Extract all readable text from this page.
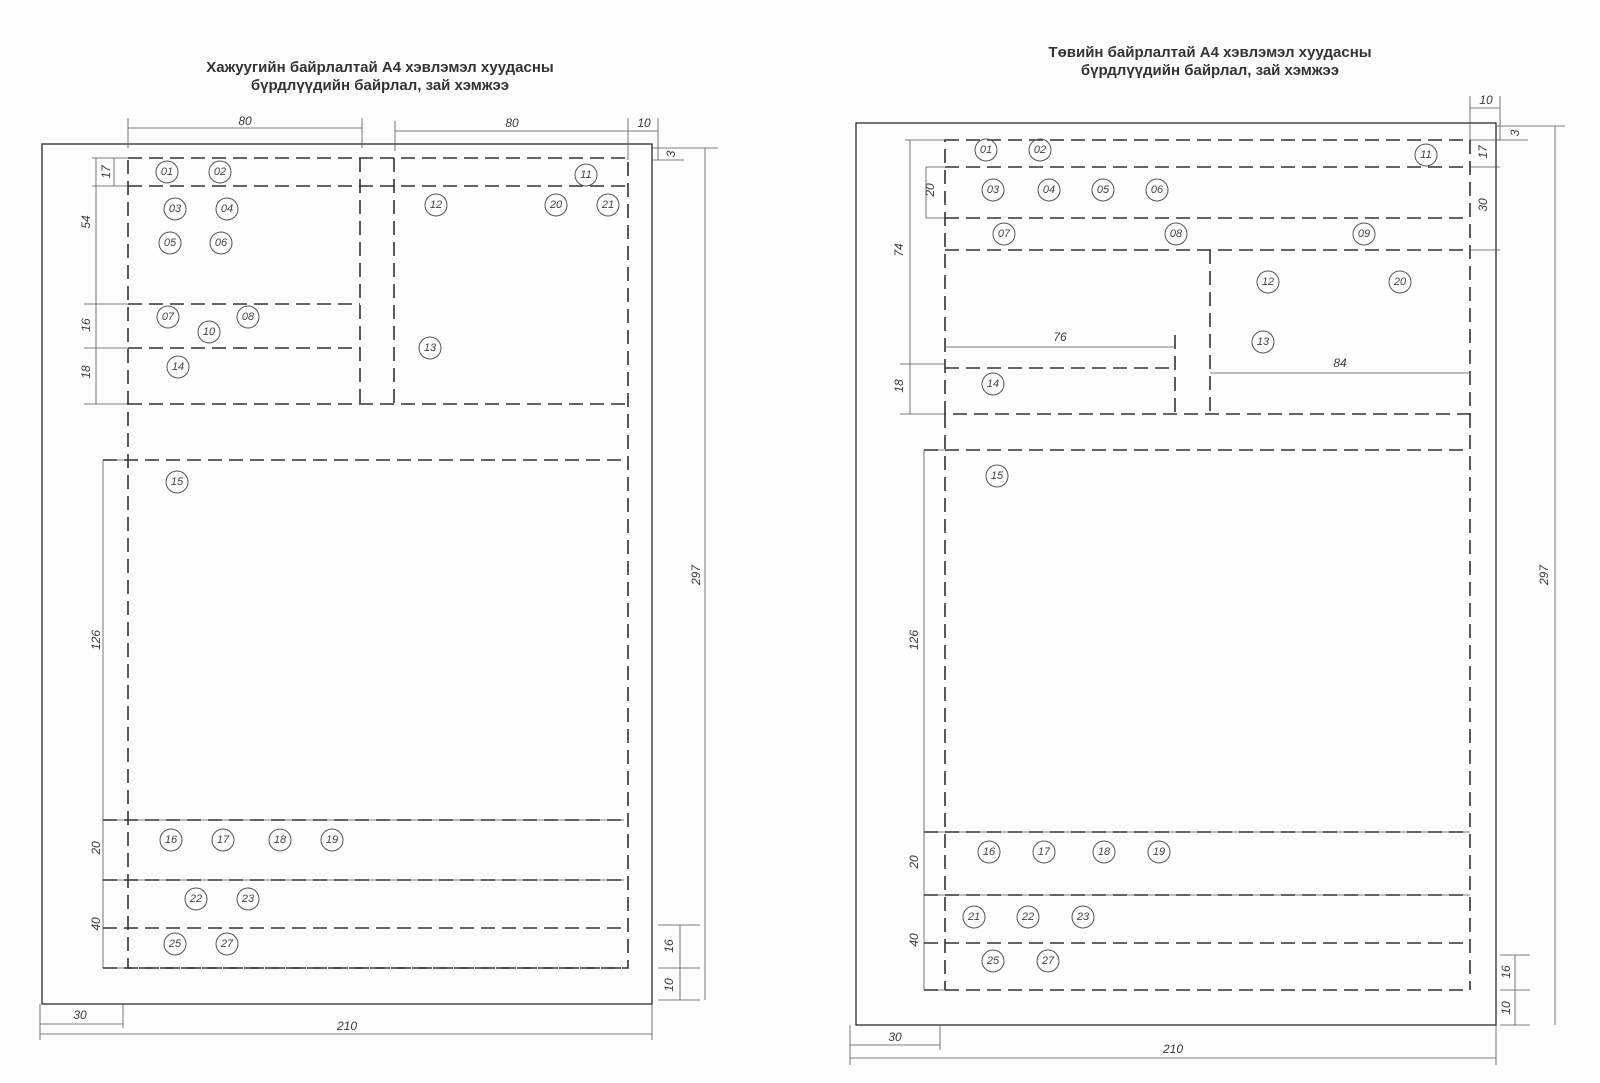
Хажуугийн байрлалтай А4 хэвлэмэл хуудасны
бүрдлүүдийн байрлал, зай хэмжээ
80	80	10
3
297
17
54
16
18
126
20
40
16
10
30
210
01	02
03	04
05	06
07	08
10
11
12
13
14
15
16	17	18	19
20	21
22	23
25	27
Төвийн байрлалтай А4 хэвлэмэл хуудасны
бүрдлүүдийн байрлал, зай хэмжээ
10
3
297
17
30
20
74
18
126
20
40
76
84
16
10
30
210
01	02
03	04	05	06
07	08	09
11
12
13
14
15
16	17	18	19
20
21	22	23
25	27
